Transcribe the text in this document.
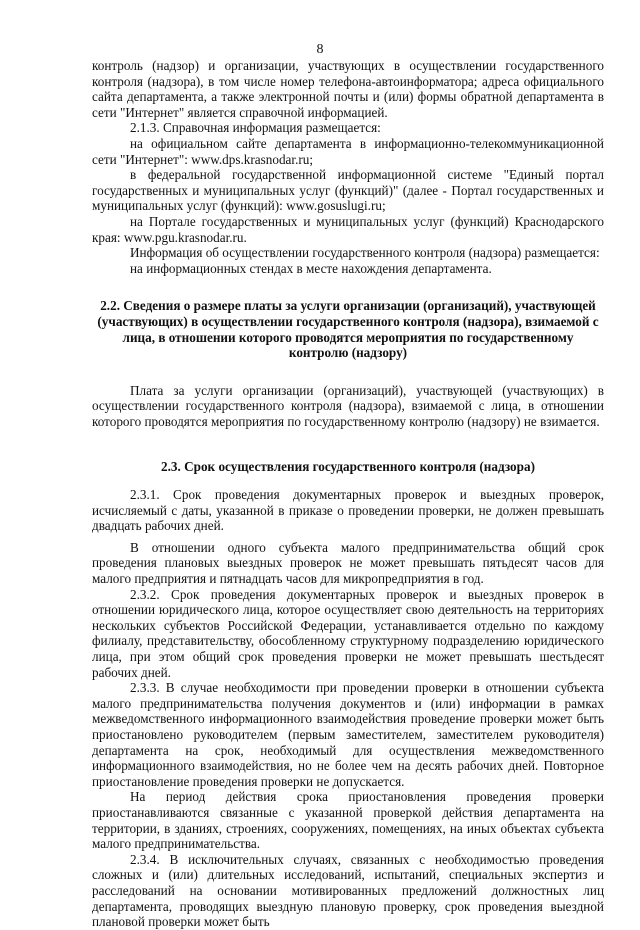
8

контроль (надзор) и организации, участвующих в осуществлении государственного контроля (надзора), в том числе номер телефона-автоинформатора; адреса официального сайта департамента, а также электронной почты и (или) формы обратной департамента в сети "Интернет" является справочной информацией.

2.1.3. Справочная информация размещается:

на официальном сайте департамента в информационно-телекоммуникационной сети "Интернет": www.dps.krasnodar.ru;

в федеральной государственной информационной системе "Единый портал государственных и муниципальных услуг (функций)" (далее - Портал государственных и муниципальных услуг (функций): www.gosuslugi.ru;

на Портале государственных и муниципальных услуг (функций) Краснодарского края: www.pgu.krasnodar.ru.

Информация об осуществлении государственного контроля (надзора) размещается:

на информационных стендах в месте нахождения департамента.

2.2. Сведения о размере платы за услуги организации (организаций), участвующей (участвующих) в осуществлении государственного контроля (надзора), взимаемой с лица, в отношении которого проводятся мероприятия по государственному контролю (надзору)

Плата за услуги организации (организаций), участвующей (участвующих) в осуществлении государственного контроля (надзора), взимаемой с лица, в отношении которого проводятся мероприятия по государственному контролю (надзору) не взимается.

2.3. Срок осуществления государственного контроля (надзора)

2.3.1. Срок проведения документарных проверок и выездных проверок, исчисляемый с даты, указанной в приказе о проведении проверки, не должен превышать двадцать рабочих дней.

В отношении одного субъекта малого предпринимательства общий срок проведения плановых выездных проверок не может превышать пятьдесят часов для малого предприятия и пятнадцать часов для микропредприятия в год.

2.3.2. Срок проведения документарных проверок и выездных проверок в отношении юридического лица, которое осуществляет свою деятельность на территориях нескольких субъектов Российской Федерации, устанавливается отдельно по каждому филиалу, представительству, обособленному структурному подразделению юридического лица, при этом общий срок проведения проверки не может превышать шестьдесят рабочих дней.

2.3.3. В случае необходимости при проведении проверки в отношении субъекта малого предпринимательства получения документов и (или) информации в рамках межведомственного информационного взаимодействия проведение проверки может быть приостановлено руководителем (первым заместителем, заместителем руководителя) департамента на срок, необходимый для осуществления межведомственного информационного взаимодействия, но не более чем на десять рабочих дней. Повторное приостановление проведения проверки не допускается.

На период действия срока приостановления проведения проверки приостанавливаются связанные с указанной проверкой действия департамента на территории, в зданиях, строениях, сооружениях, помещениях, на иных объектах субъекта малого предпринимательства.

2.3.4. В исключительных случаях, связанных с необходимостью проведения сложных и (или) длительных исследований, испытаний, специальных экспертиз и расследований на основании мотивированных предложений должностных лиц департамента, проводящих выездную плановую проверку, срок проведения выездной плановой проверки может быть
